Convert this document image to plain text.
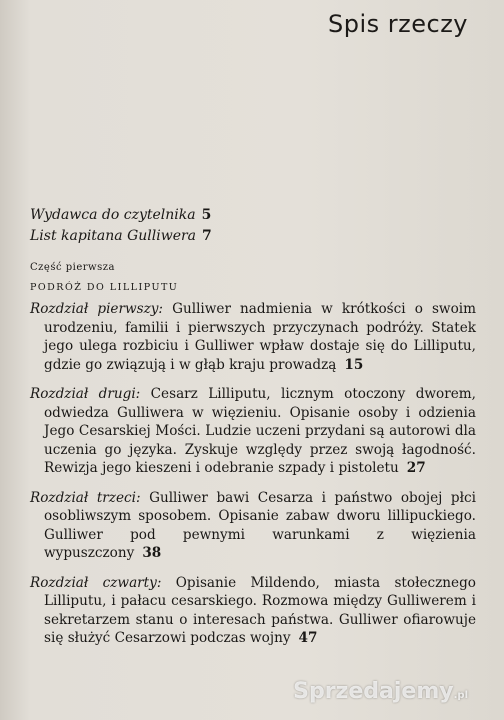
Spis rzeczy
Wydawca do czytelnika 5
List kapitana Gulliwera 7
Część pierwsza
PODRÓŻ DO LILLIPUTU
Rozdział pierwszy: Gulliwer nadmienia w krótkości o swoim urodzeniu, familii i pierwszych przyczynach podróży. Statek jego ulega rozbiciu i Gulliwer wpław dostaje się do Lilliputu, gdzie go związują i w głąb kraju prowadzą 15
Rozdział drugi: Cesarz Lilliputu, licznym otoczony dworem, odwiedza Gulliwera w więzieniu. Opisanie osoby i odzienia Jego Cesarskiej Mości. Ludzie uczeni przydani są autorowi dla uczenia go języka. Zyskuje względy przez swoją łagodność. Rewizja jego kieszeni i odebranie szpady i pistoletu 27
Rozdział trzeci: Gulliwer bawi Cesarza i państwo obojej płci osobliwszym sposobem. Opisanie zabaw dworu lillipuckiego. Gulliwer pod pewnymi warunkami z więzienia wypuszczony 38
Rozdział czwarty: Opisanie Mildendo, miasta stołecznego Lilliputu, i pałacu cesarskiego. Rozmowa między Gulliwerem i sekretarzem stanu o interesach państwa. Gulliwer ofiarowuje się służyć Cesarzowi podczas wojny 47
Sprzedajemy.pl
